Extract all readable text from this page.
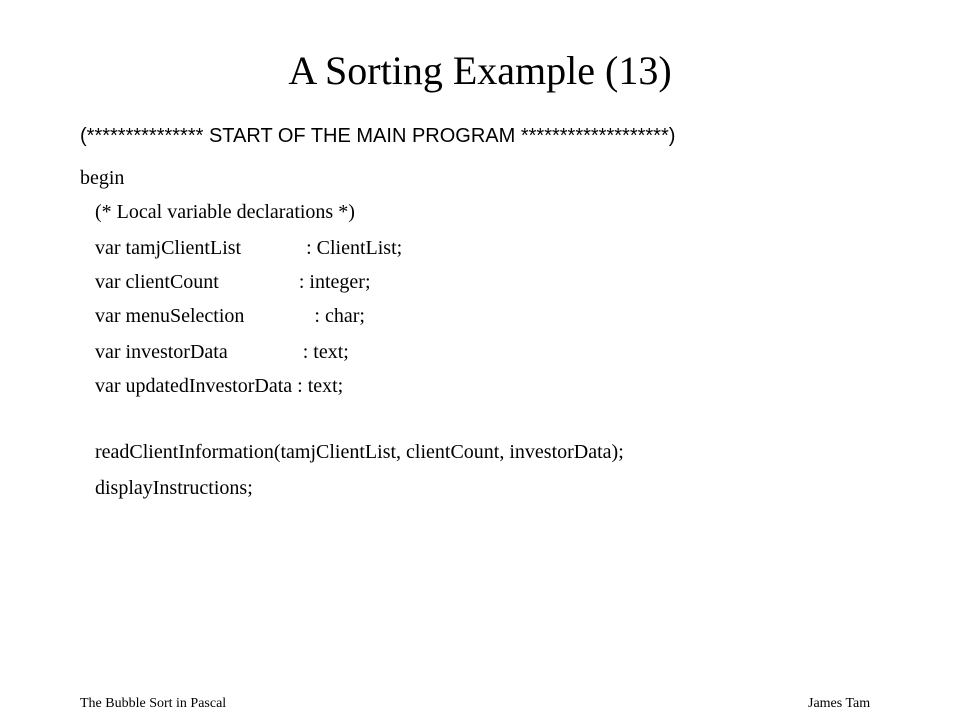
A Sorting Example (13)
(*************** START OF THE MAIN PROGRAM *******************)
begin
(* Local variable declarations *)
var tamjClientList             : ClientList;
var clientCount                : integer;
var menuSelection              : char;
var investorData               : text;
var updatedInvestorData : text;
readClientInformation(tamjClientList, clientCount, investorData);
displayInstructions;
The Bubble Sort in Pascal	James Tam
